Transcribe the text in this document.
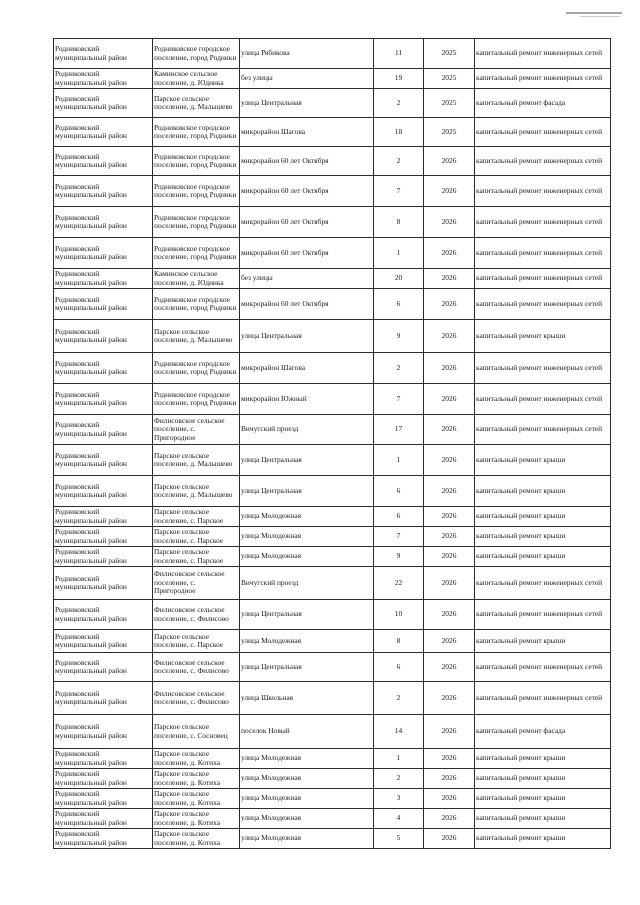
Родниковский муниципальный район	Родниковское городское поселение, город Родники	улица Рябикова	11	2025	капитальный ремонт инженерных сетей
Родниковский муниципальный район	Каминское сельское поселение, д. Юдинка	без улицы	19	2025	капитальный ремонт инженерных сетей
Родниковский муниципальный район	Парское сельское поселение, д. Малышево	улица Центральная	2	2025	капитальный ремонт фасада
Родниковский муниципальный район	Родниковское городское поселение, город Родники	микрорайон Шагова	18	2025	капитальный ремонт инженерных сетей
Родниковский муниципальный район	Родниковское городское поселение, город Родники	микрорайон 60 лет Октября	2	2026	капитальный ремонт инженерных сетей
Родниковский муниципальный район	Родниковское городское поселение, город Родники	микрорайон 60 лет Октября	7	2026	капитальный ремонт инженерных сетей
Родниковский муниципальный район	Родниковское городское поселение, город Родники	микрорайон 60 лет Октября	8	2026	капитальный ремонт инженерных сетей
Родниковский муниципальный район	Родниковское городское поселение, город Родники	микрорайон 60 лет Октября	1	2026	капитальный ремонт инженерных сетей
Родниковский муниципальный район	Каминское сельское поселение, д. Юдинка	без улицы	20	2026	капитальный ремонт инженерных сетей
Родниковский муниципальный район	Родниковское городское поселение, город Родники	микрорайон 60 лет Октября	6	2026	капитальный ремонт инженерных сетей
Родниковский муниципальный район	Парское сельское поселение, д. Малышево	улица Центральная	9	2026	капитальный ремонт крыши
Родниковский муниципальный район	Родниковское городское поселение, город Родники	микрорайон Шагова	2	2026	капитальный ремонт инженерных сетей
Родниковский муниципальный район	Родниковское городское поселение, город Родники	микрорайон Южный	7	2026	капитальный ремонт инженерных сетей
Родниковский муниципальный район	Филисовское сельское поселение, с. Пригородное	Вичугский проезд	17	2026	капитальный ремонт инженерных сетей
Родниковский муниципальный район	Парское сельское поселение, д. Малышево	улица Центральная	1	2026	капитальный ремонт крыши
Родниковский муниципальный район	Парское сельское поселение, д. Малышево	улица Центральная	6	2026	капитальный ремонт крыши
Родниковский муниципальный район	Парское сельское поселение, с. Парское	улица Молодежная	6	2026	капитальный ремонт крыши
Родниковский муниципальный район	Парское сельское поселение, с. Парское	улица Молодежная	7	2026	капитальный ремонт крыши
Родниковский муниципальный район	Парское сельское поселение, с. Парское	улица Молодежная	9	2026	капитальный ремонт крыши
Родниковский муниципальный район	Филисовское сельское поселение, с. Пригородное	Вичугский проезд	22	2026	капитальный ремонт инженерных сетей
Родниковский муниципальный район	Филисовское сельское поселение, с. Филисово	улица Центральная	10	2026	капитальный ремонт инженерных сетей
Родниковский муниципальный район	Парское сельское поселение, с. Парское	улица Молодежная	8	2026	капитальный ремонт крыши
Родниковский муниципальный район	Филисовское сельское поселение, с. Филисово	улица Центральная	6	2026	капитальный ремонт инженерных сетей
Родниковский муниципальный район	Филисовское сельское поселение, с. Филисово	улица Школьная	2	2026	капитальный ремонт инженерных сетей
Родниковский муниципальный район	Парское сельское поселение, с. Сосновец	поселок Новый	14	2026	капитальный ремонт фасада
Родниковский муниципальный район	Парское сельское поселение, д. Котиха	улица Молодежная	1	2026	капитальный ремонт крыши
Родниковский муниципальный район	Парское сельское поселение, д. Котиха	улица Молодежная	2	2026	капитальный ремонт крыши
Родниковский муниципальный район	Парское сельское поселение, д. Котиха	улица Молодежная	3	2026	капитальный ремонт крыши
Родниковский муниципальный район	Парское сельское поселение, д. Котиха	улица Молодежная	4	2026	капитальный ремонт крыши
Родниковский муниципальный район	Парское сельское поселение, д. Котиха	улица Молодежная	5	2026	капитальный ремонт крыши
